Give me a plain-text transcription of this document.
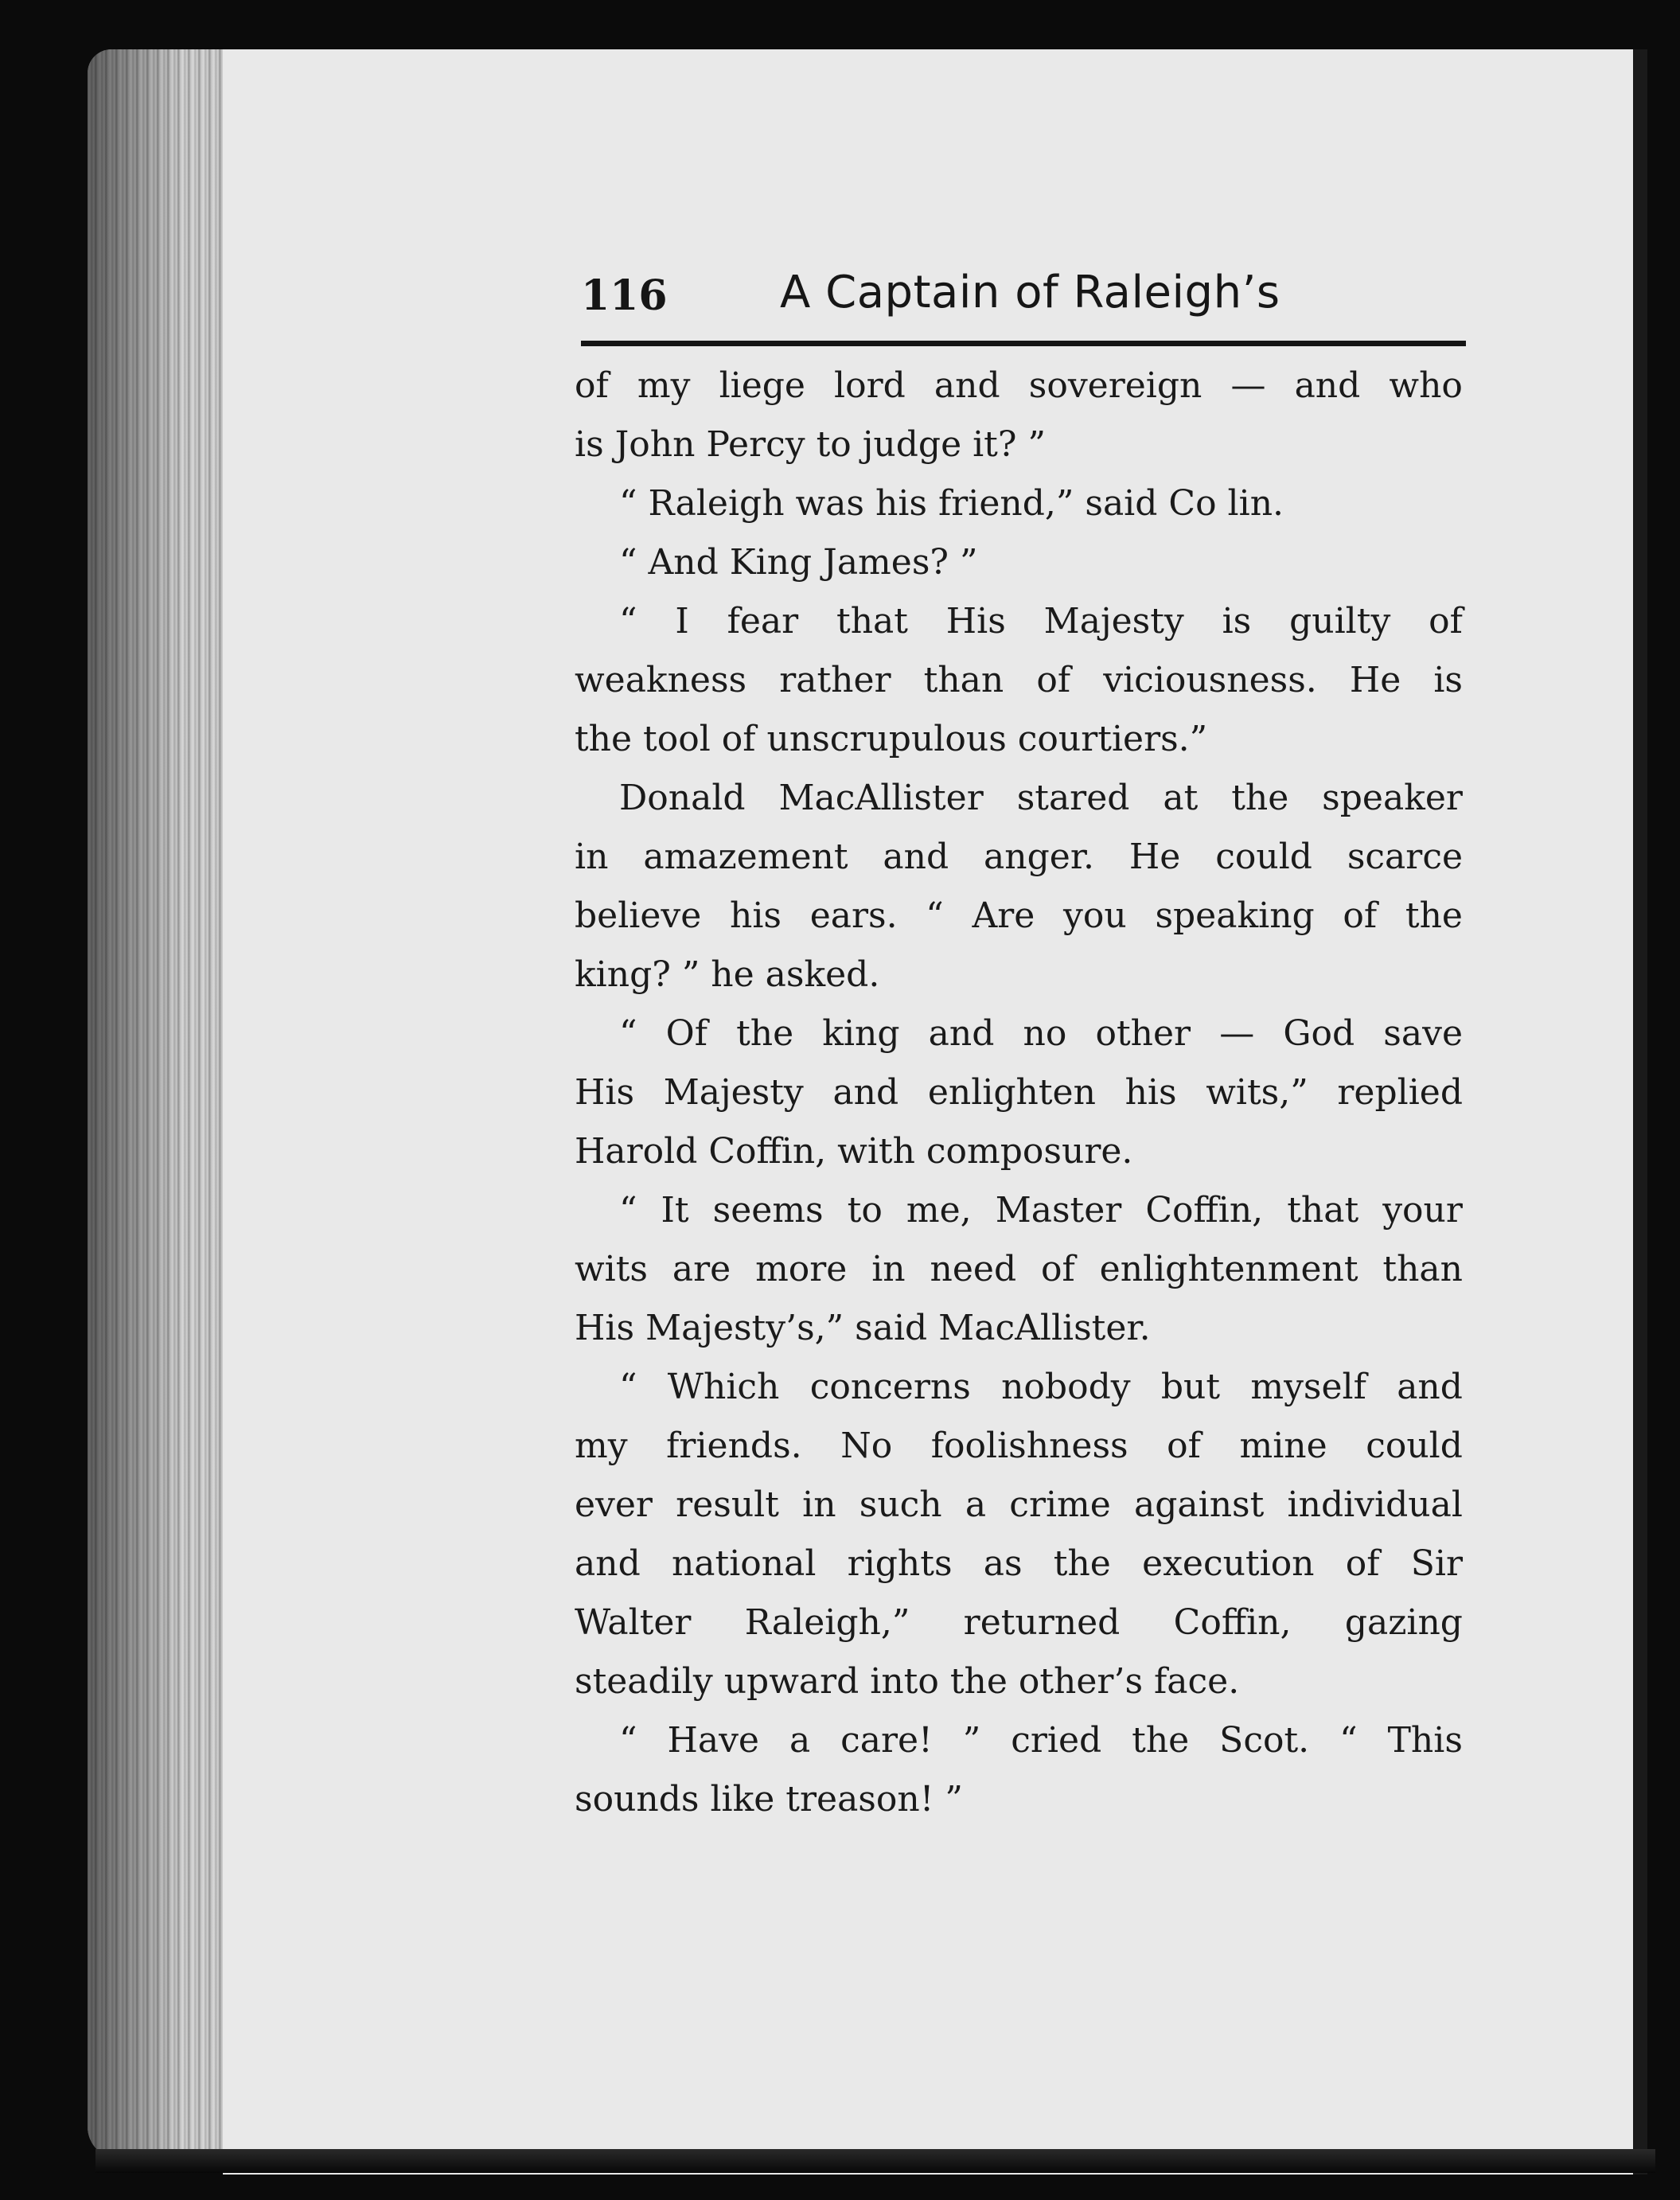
116	A Captain of Raleigh’s
of my liege lord and sovereign — and who
is John Percy to judge it? ”
“ Raleigh was his friend,” said Co lin.
“ And King James? ”
“ I fear that His Majesty is guilty of
weakness rather than of viciousness. He is
the tool of unscrupulous courtiers.”
Donald MacAllister stared at the speaker
in amazement and anger. He could scarce
believe his ears. “ Are you speaking of the
king? ” he asked.
“ Of the king and no other — God save
His Majesty and enlighten his wits,” replied
Harold Coffin, with composure.
“ It seems to me, Master Coffin, that your
wits are more in need of enlightenment than
His Majesty’s,” said MacAllister.
“ Which concerns nobody but myself and
my friends. No foolishness of mine could
ever result in such a crime against individual
and national rights as the execution of Sir
Walter Raleigh,” returned Coffin, gazing
steadily upward into the other’s face.
“ Have a care! ” cried the Scot. “ This
sounds like treason! ”
